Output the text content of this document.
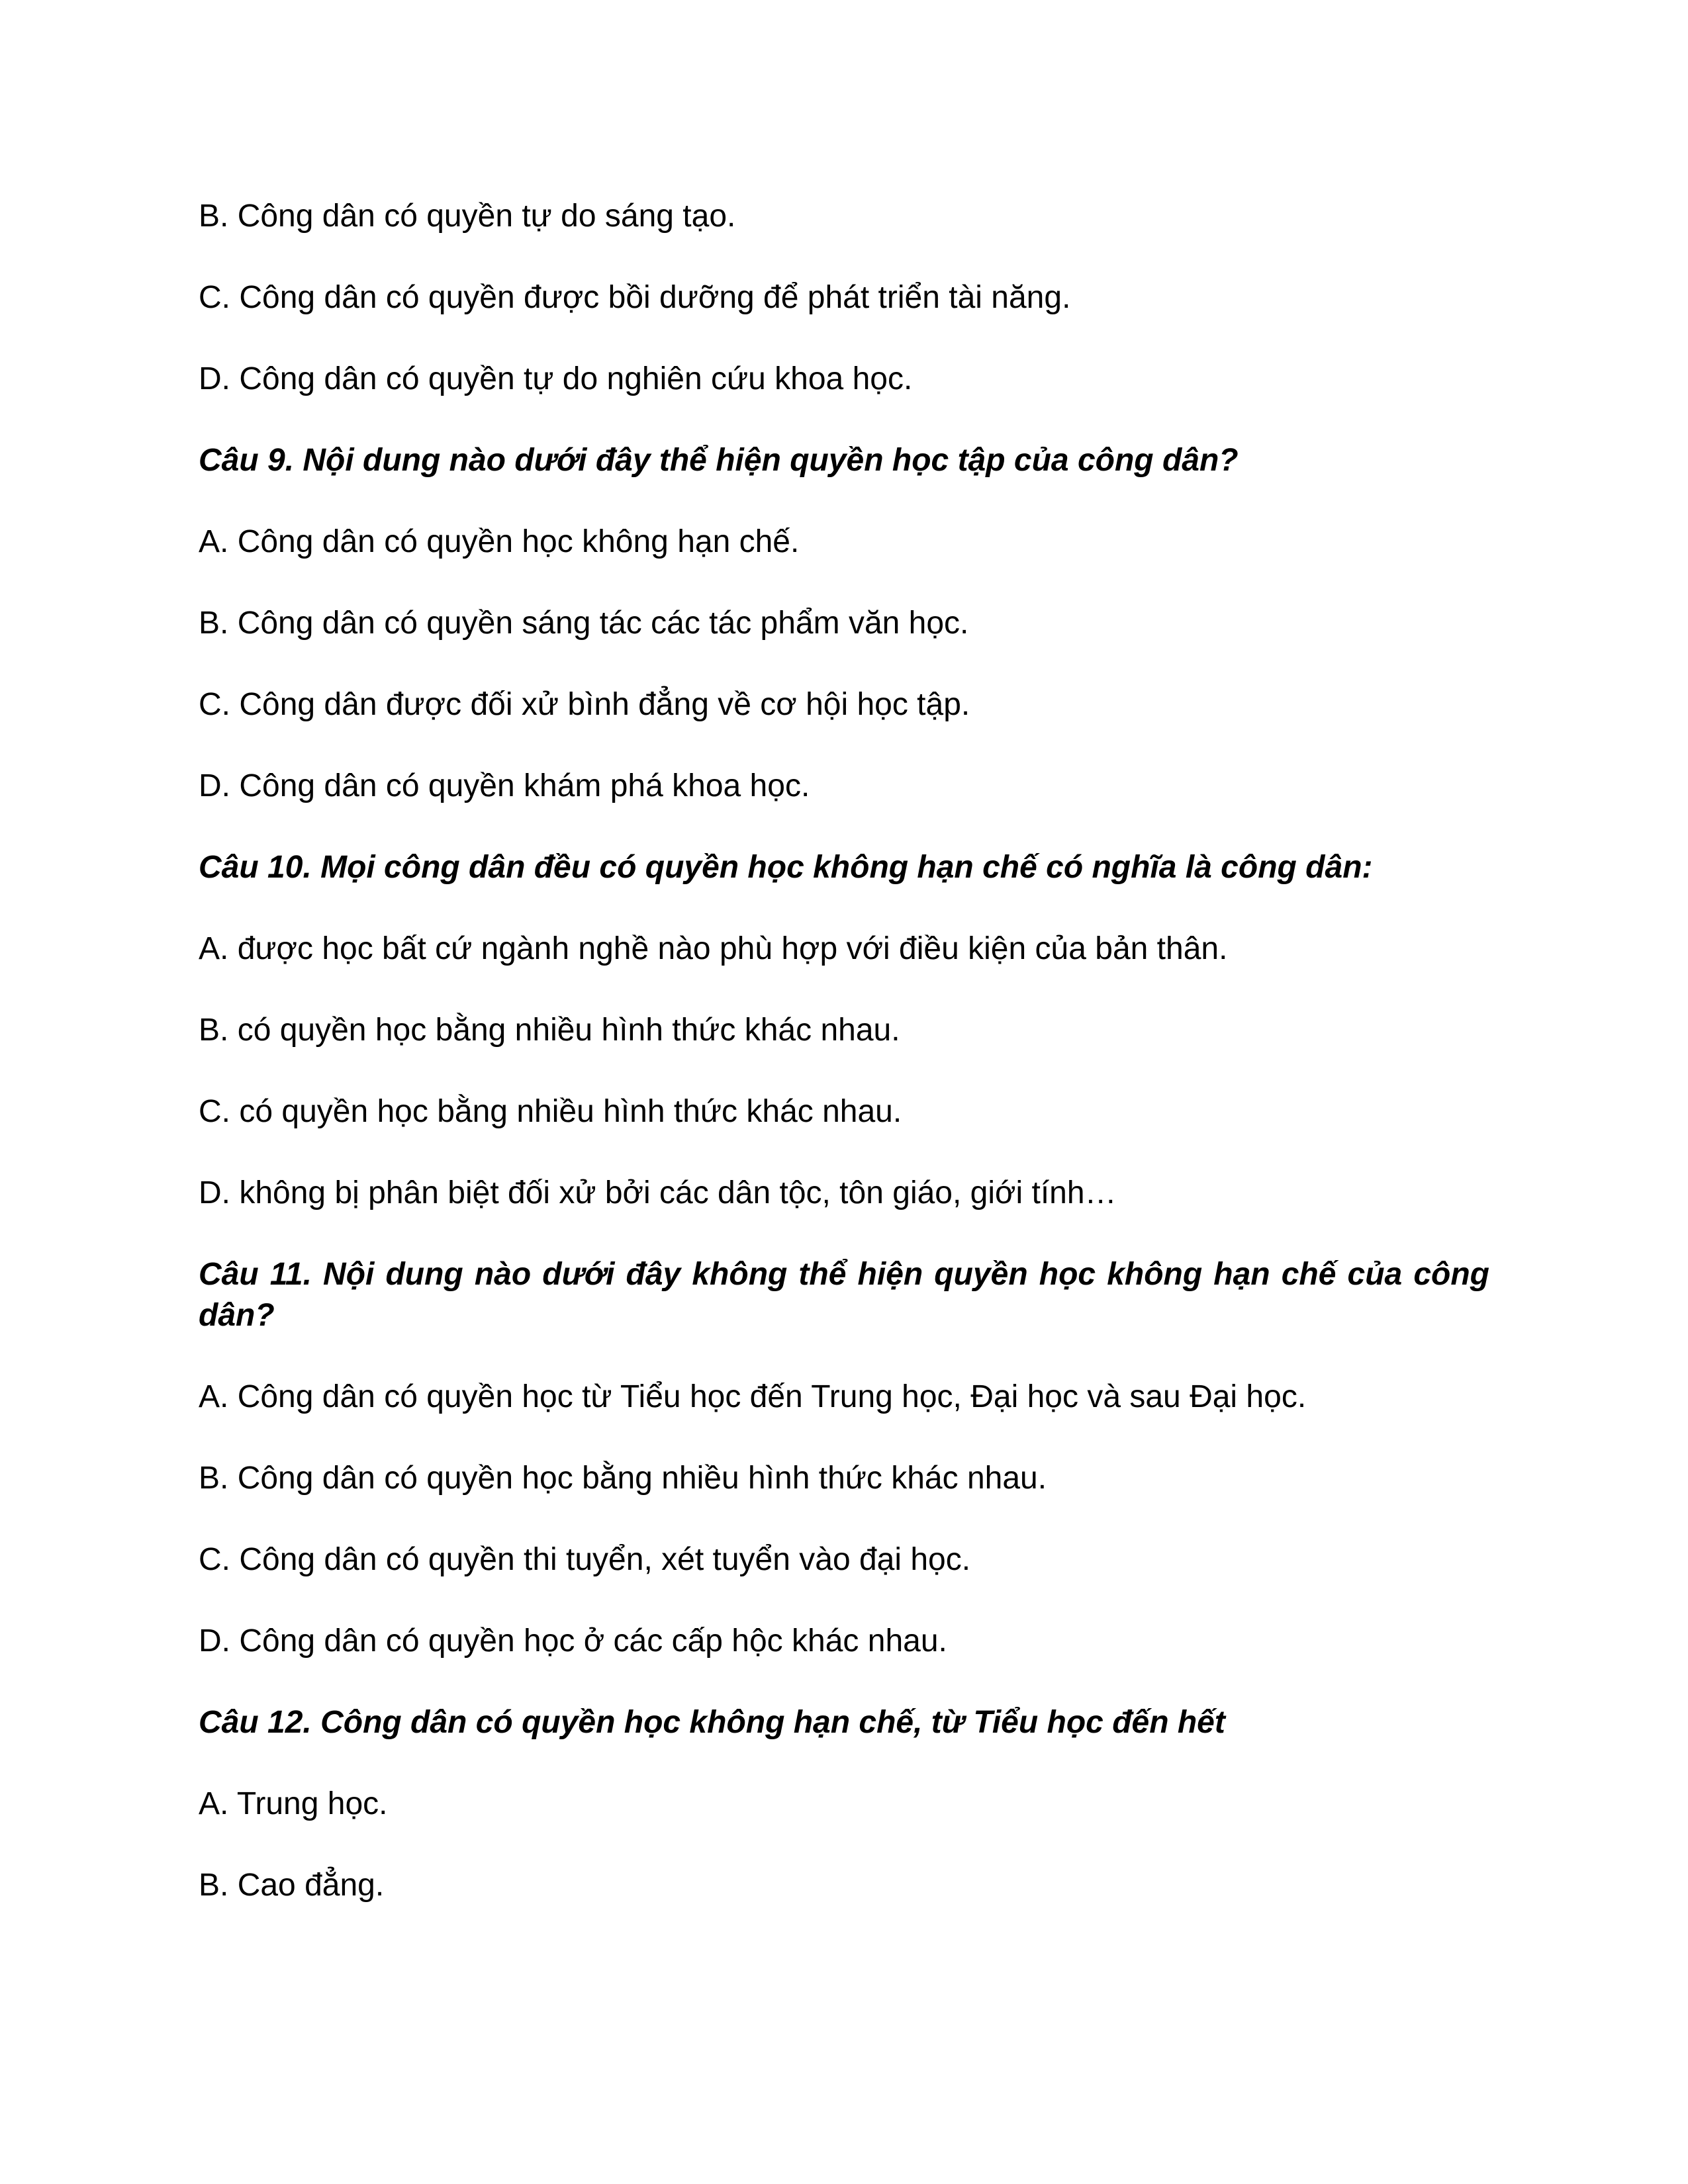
B. Công dân có quyền tự do sáng tạo.

C. Công dân có quyền được bồi dưỡng để phát triển tài năng.

D. Công dân có quyền tự do nghiên cứu khoa học.

Câu 9. Nội dung nào dưới đây thể hiện quyền học tập của công dân?

A. Công dân có quyền học không hạn chế.

B. Công dân có quyền sáng tác các tác phẩm văn học.

C. Công dân được đối xử bình đẳng về cơ hội học tập.

D. Công dân có quyền khám phá khoa học.

Câu 10. Mọi công dân đều có quyền học không hạn chế có nghĩa là công dân:

A. được học bất cứ ngành nghề nào phù hợp với điều kiện của bản thân.

B. có quyền học bằng nhiều hình thức khác nhau.

C. có quyền học bằng nhiều hình thức khác nhau.

D. không bị phân biệt đối xử bởi các dân tộc, tôn giáo, giới tính…

Câu 11. Nội dung nào dưới đây không thể hiện quyền học không hạn chế của công dân?

A. Công dân có quyền học từ Tiểu học đến Trung học, Đại học và sau Đại học.

B. Công dân có quyền học bằng nhiều hình thức khác nhau.

C. Công dân có quyền thi tuyển, xét tuyển vào đại học.

D. Công dân có quyền học ở các cấp hộc khác nhau.

Câu 12. Công dân có quyền học không hạn chế, từ Tiểu học đến hết

A. Trung học.

B. Cao đẳng.
